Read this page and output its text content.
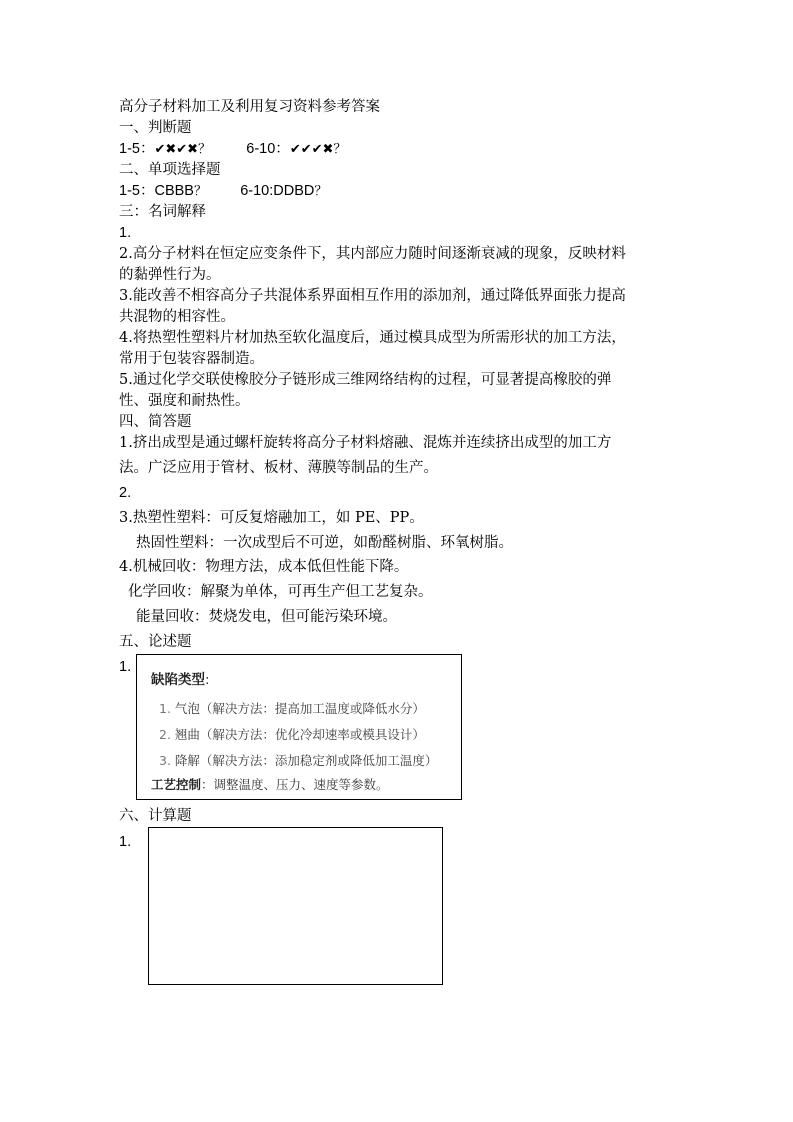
高分子材料加工及利用复习资料参考答案
一、判断题
1-5：✔✖✔✖？ 6-10：✔✔✔✖？
二、单项选择题
1-5：CBBB？ 6-10:DDBD？
三：名词解释
1.
2.高分子材料在恒定应变条件下，其内部应力随时间逐渐衰减的现象，反映材料
的黏弹性行为。
3.能改善不相容高分子共混体系界面相互作用的添加剂，通过降低界面张力提高
共混物的相容性。
4.将热塑性塑料片材加热至软化温度后，通过模具成型为所需形状的加工方法，
常用于包装容器制造。
5.通过化学交联使橡胶分子链形成三维网络结构的过程，可显著提高橡胶的弹
性、强度和耐热性。
四、简答题
1.挤出成型是通过螺杆旋转将高分子材料熔融、混炼并连续挤出成型的加工方
法。广泛应用于管材、板材、薄膜等制品的生产。
2.
3.热塑性塑料：可反复熔融加工，如 PE、PP。
热固性塑料：一次成型后不可逆，如酚醛树脂、环氧树脂。
4.机械回收：物理方法，成本低但性能下降。
化学回收：解聚为单体，可再生产但工艺复杂。
能量回收：焚烧发电，但可能污染环境。
五、论述题
1.
缺陷类型:
1. 气泡（解决方法：提高加工温度或降低水分）
2. 翘曲（解决方法：优化冷却速率或模具设计）
3. 降解（解决方法：添加稳定剂或降低加工温度）
工艺控制：调整温度、压力、速度等参数。
六、计算题
1.
